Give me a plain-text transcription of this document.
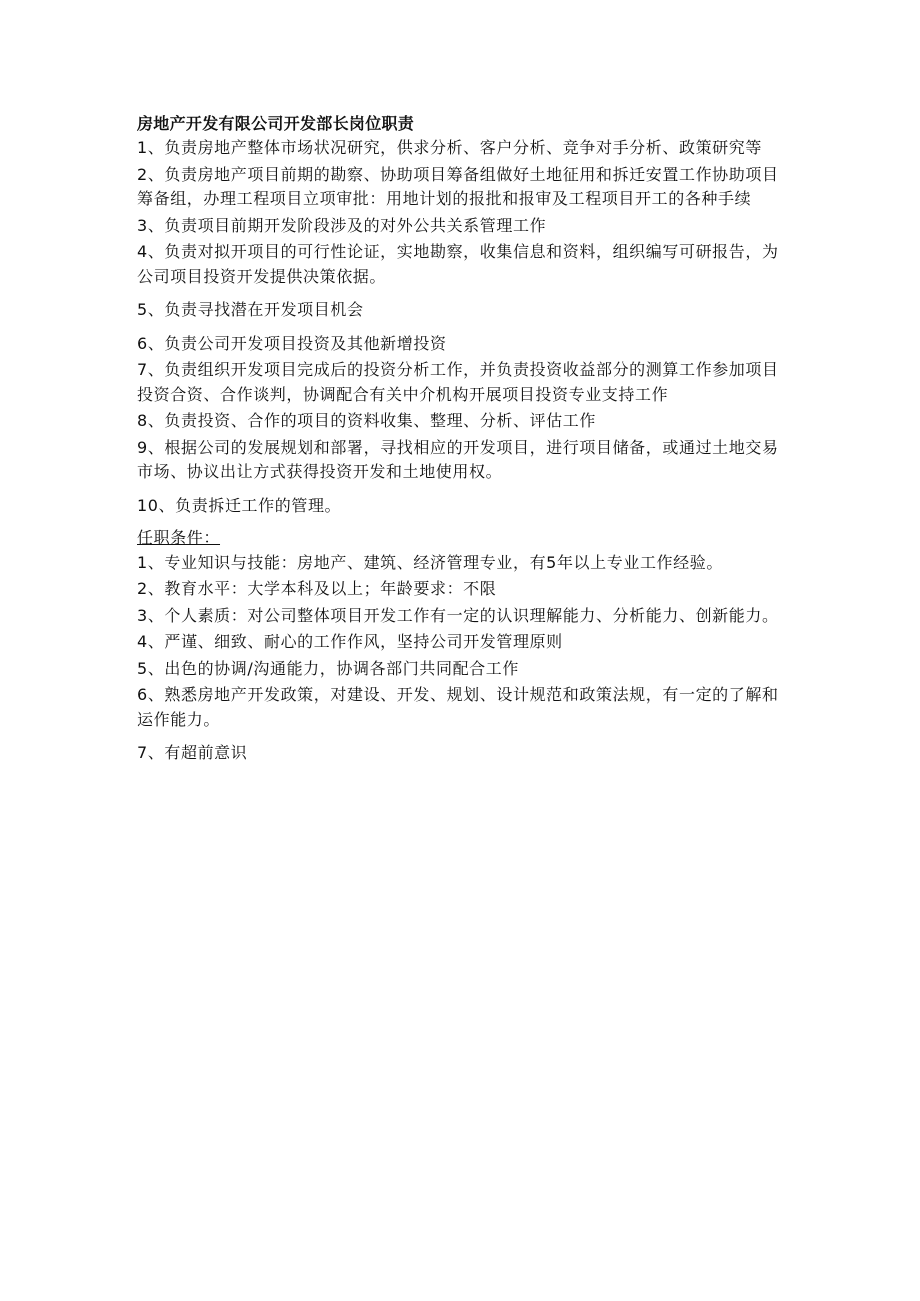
房地产开发有限公司开发部长岗位职责

1、负责房地产整体市场状况研究，供求分析、客户分析、竞争对手分析、政策研究等

2、负责房地产项目前期的勘察、协助项目筹备组做好土地征用和拆迁安置工作协助项目筹备组，办理工程项目立项审批：用地计划的报批和报审及工程项目开工的各种手续

3、负责项目前期开发阶段涉及的对外公共关系管理工作

4、负责对拟开项目的可行性论证，实地勘察，收集信息和资料，组织编写可研报告，为公司项目投资开发提供决策依据。

5、负责寻找潜在开发项目机会

6、负责公司开发项目投资及其他新增投资

7、负责组织开发项目完成后的投资分析工作，并负责投资收益部分的测算工作参加项目投资合资、合作谈判，协调配合有关中介机构开展项目投资专业支持工作

8、负责投资、合作的项目的资料收集、整理、分析、评估工作

9、根据公司的发展规划和部署，寻找相应的开发项目，进行项目储备，或通过土地交易市场、协议出让方式获得投资开发和土地使用权。

10、负责拆迁工作的管理。

任职条件：

1、专业知识与技能：房地产、建筑、经济管理专业，有5年以上专业工作经验。

2、教育水平：大学本科及以上；年龄要求：不限

3、个人素质：对公司整体项目开发工作有一定的认识理解能力、分析能力、创新能力。

4、严谨、细致、耐心的工作作风，坚持公司开发管理原则

5、出色的协调/沟通能力，协调各部门共同配合工作

6、熟悉房地产开发政策，对建设、开发、规划、设计规范和政策法规，有一定的了解和运作能力。

7、有超前意识
